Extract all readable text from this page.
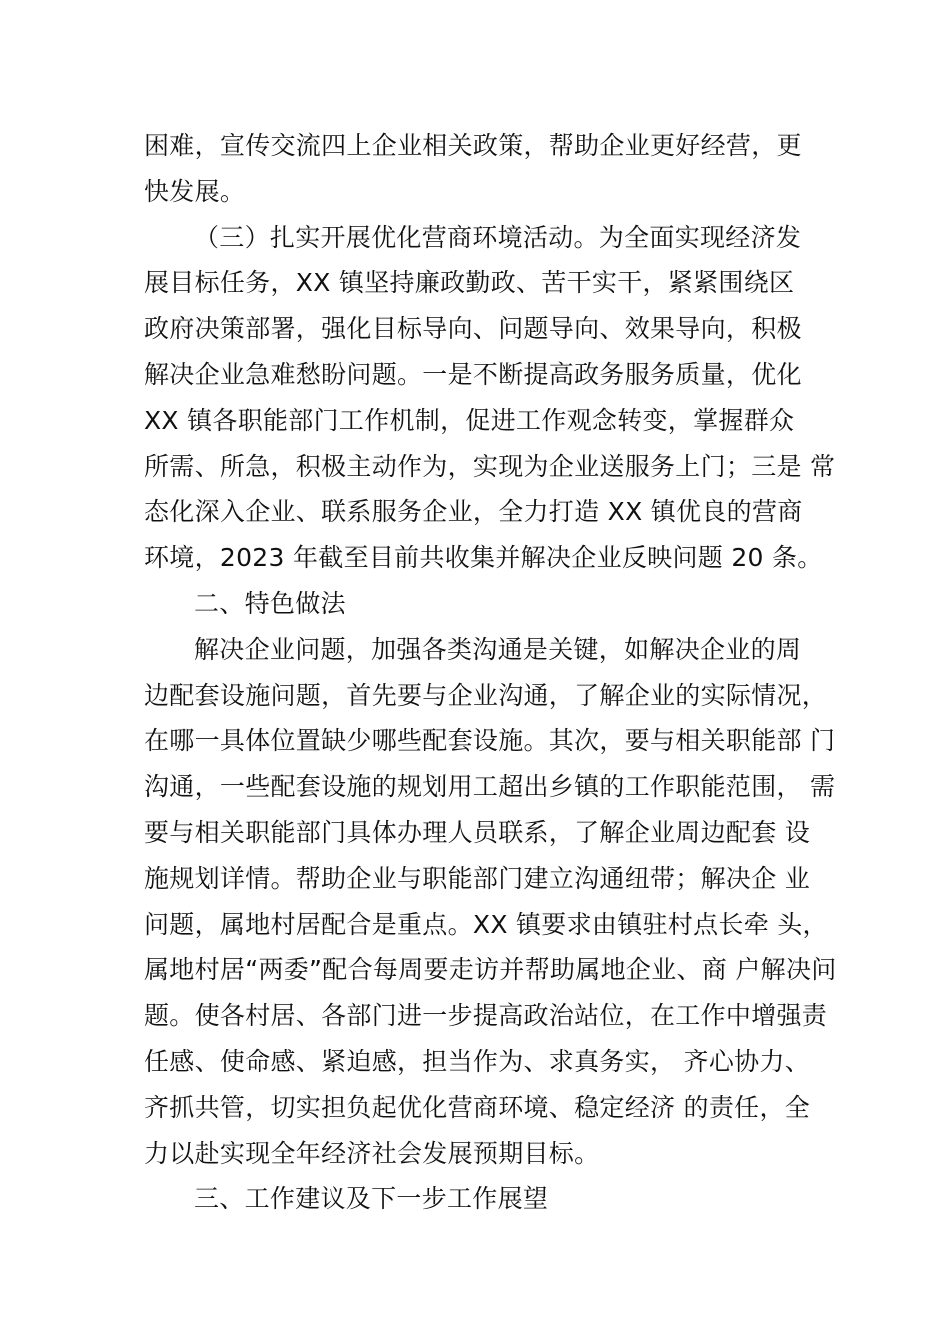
困难，宣传交流四上企业相关政策，帮助企业更好经营，更
快发展。
（三）扎实开展优化营商环境活动。为全面实现经济发
展目标任务，XX 镇坚持廉政勤政、苦干实干，紧紧围绕区
政府决策部署，强化目标导向、问题导向、效果导向，积极
解决企业急难愁盼问题。一是不断提高政务服务质量，优化
XX 镇各职能部门工作机制，促进工作观念转变，掌握群众
所需、所急，积极主动作为，实现为企业送服务上门；三是 常
态化深入企业、联系服务企业，全力打造 XX 镇优良的营商
环境，2023 年截至目前共收集并解决企业反映问题 20 条。
二、特色做法
解决企业问题，加强各类沟通是关键，如解决企业的周
边配套设施问题，首先要与企业沟通，了解企业的实际情况，
在哪一具体位置缺少哪些配套设施。其次，要与相关职能部 门
沟通，一些配套设施的规划用工超出乡镇的工作职能范围， 需
要与相关职能部门具体办理人员联系，了解企业周边配套 设
施规划详情。帮助企业与职能部门建立沟通纽带；解决企 业
问题，属地村居配合是重点。XX 镇要求由镇驻村点长牵 头，
属地村居“两委”配合每周要走访并帮助属地企业、商 户解决问
题。使各村居、各部门进一步提高政治站位，在工作中增强责
任感、使命感、紧迫感，担当作为、求真务实， 齐心协力、
齐抓共管，切实担负起优化营商环境、稳定经济 的责任，全
力以赴实现全年经济社会发展预期目标。
三、工作建议及下一步工作展望
